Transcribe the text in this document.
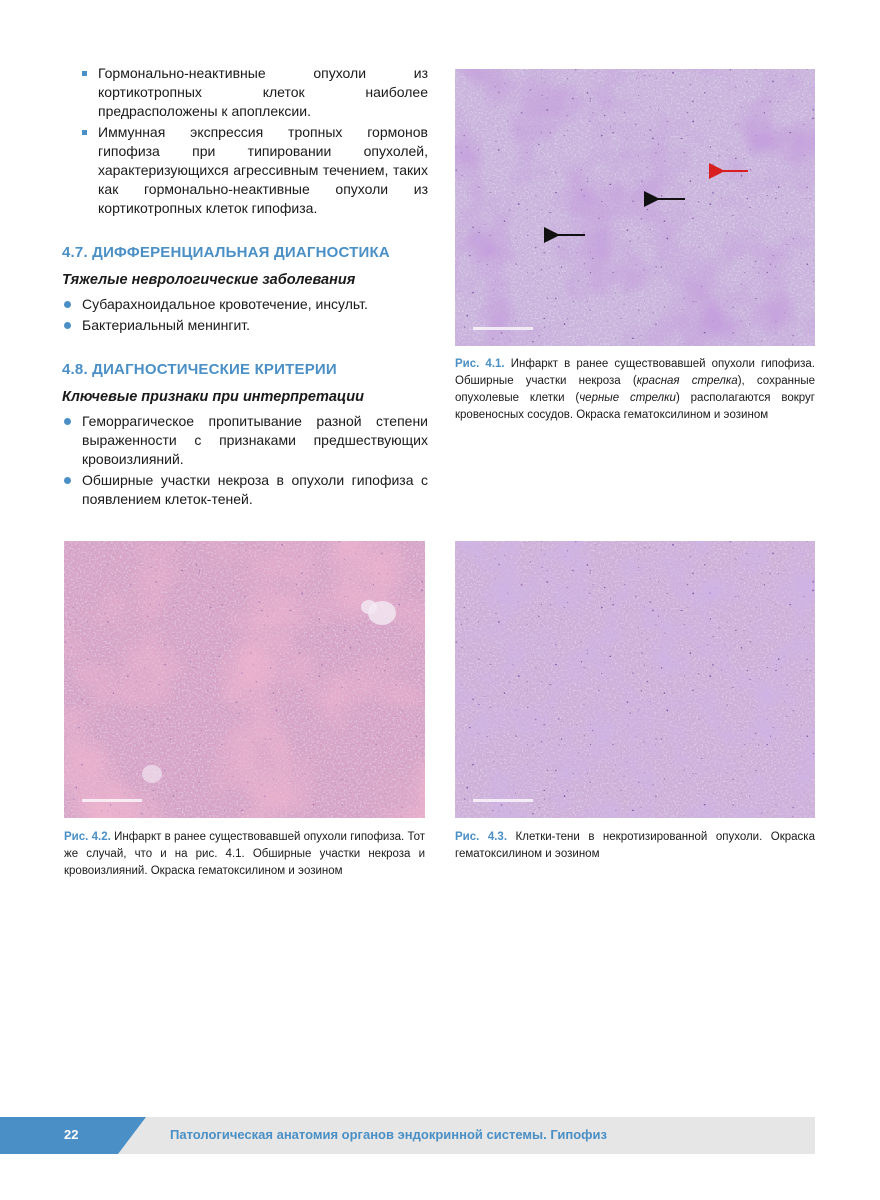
Гормонально-неактивные опухоли из кортикотропных клеток наиболее предрасположены к апоплексии.
Иммунная экспрессия тропных гормонов гипофиза при типировании опухолей, характеризующихся агрессивным течением, таких как гормонально-неактивные опухоли из кортикотропных клеток гипофиза.
4.7. ДИФФЕРЕНЦИАЛЬНАЯ ДИАГНОСТИКА
Тяжелые неврологические заболевания
Субарахноидальное кровотечение, инсульт.
Бактериальный менингит.
4.8. ДИАГНОСТИЧЕСКИЕ КРИТЕРИИ
Ключевые признаки при интерпретации
Геморрагическое пропитывание разной степени выраженности с признаками предшествующих кровоизлияний.
Обширные участки некроза в опухоли гипофиза с появлением клеток-теней.
Рис. 4.1. Инфаркт в ранее существовавшей опухоли гипофиза. Обширные участки некроза (красная стрелка), сохранные опухолевые клетки (черные стрелки) располагаются вокруг кровеносных сосудов. Окраска гематоксилином и эозином
Рис. 4.2. Инфаркт в ранее существовавшей опухоли гипофиза. Тот же случай, что и на рис. 4.1. Обширные участки некроза и кровоизлияний. Окраска гематоксилином и эозином
Рис. 4.3. Клетки-тени в некротизированной опухоли. Окраска гематоксилином и эозином
22	Патологическая анатомия органов эндокринной системы. Гипофиз
